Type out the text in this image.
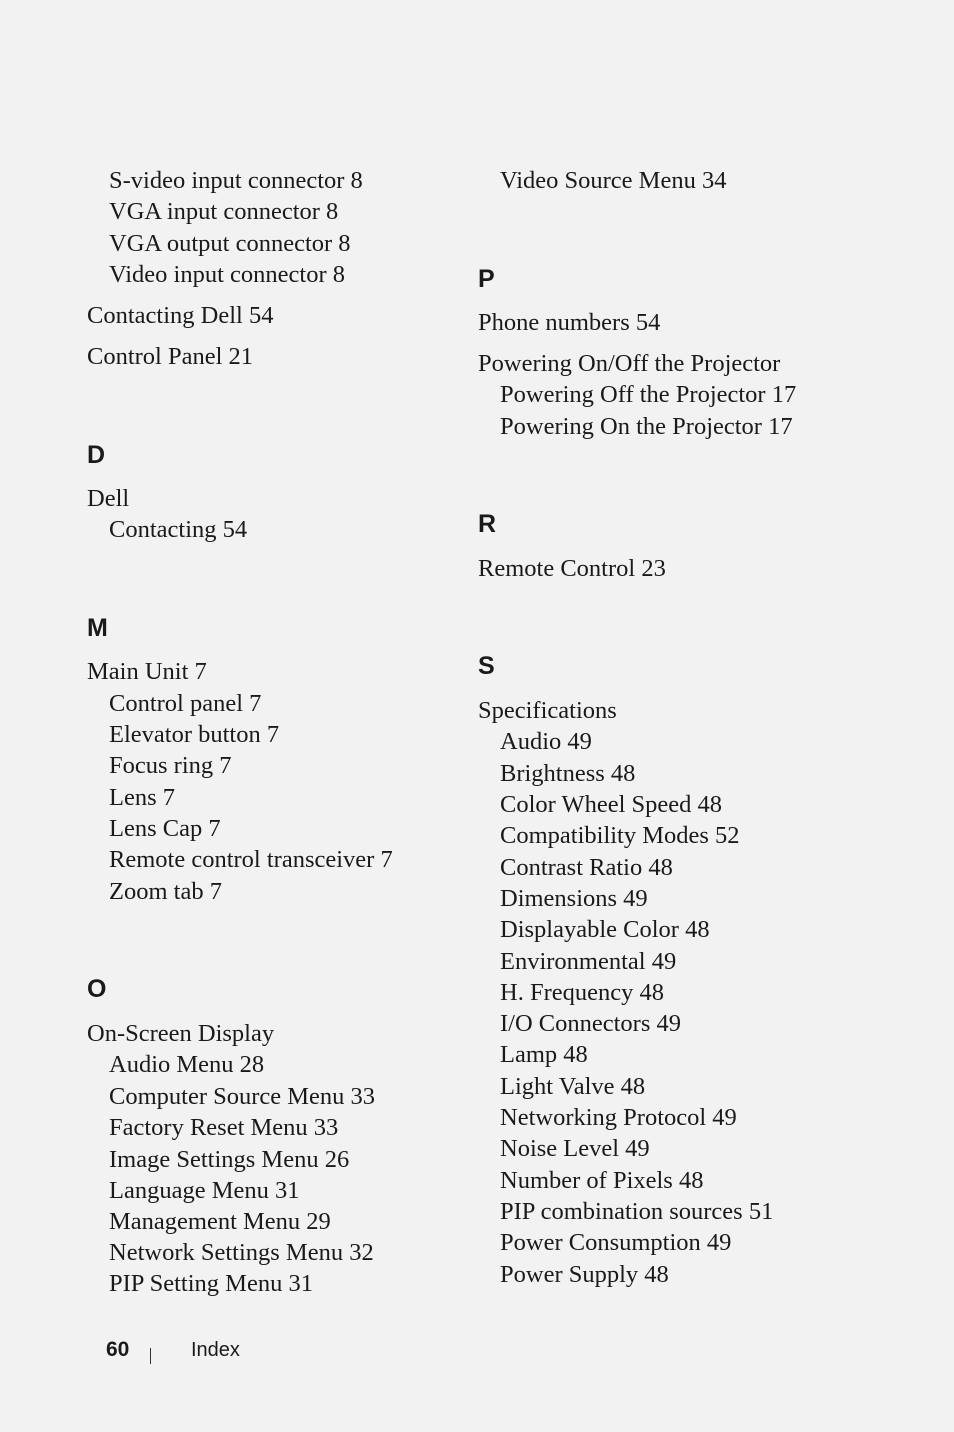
S-video input connector 8
VGA input connector 8
VGA output connector 8
Video input connector 8
Contacting Dell 54
Control Panel 21
D
Dell
Contacting 54
M
Main Unit 7
Control panel 7
Elevator button 7
Focus ring 7
Lens 7
Lens Cap 7
Remote control transceiver 7
Zoom tab 7
O
On-Screen Display
Audio Menu 28
Computer Source Menu 33
Factory Reset Menu 33
Image Settings Menu 26
Language Menu 31
Management Menu 29
Network Settings Menu 32
PIP Setting Menu 31
Video Source Menu 34
P
Phone numbers 54
Powering On/Off the Projector
Powering Off the Projector 17
Powering On the Projector 17
R
Remote Control 23
S
Specifications
Audio 49
Brightness 48
Color Wheel Speed 48
Compatibility Modes 52
Contrast Ratio 48
Dimensions 49
Displayable Color 48
Environmental 49
H. Frequency 48
I/O Connectors 49
Lamp 48
Light Valve 48
Networking Protocol 49
Noise Level 49
Number of Pixels 48
PIP combination sources 51
Power Consumption 49
Power Supply 48
60	Index
